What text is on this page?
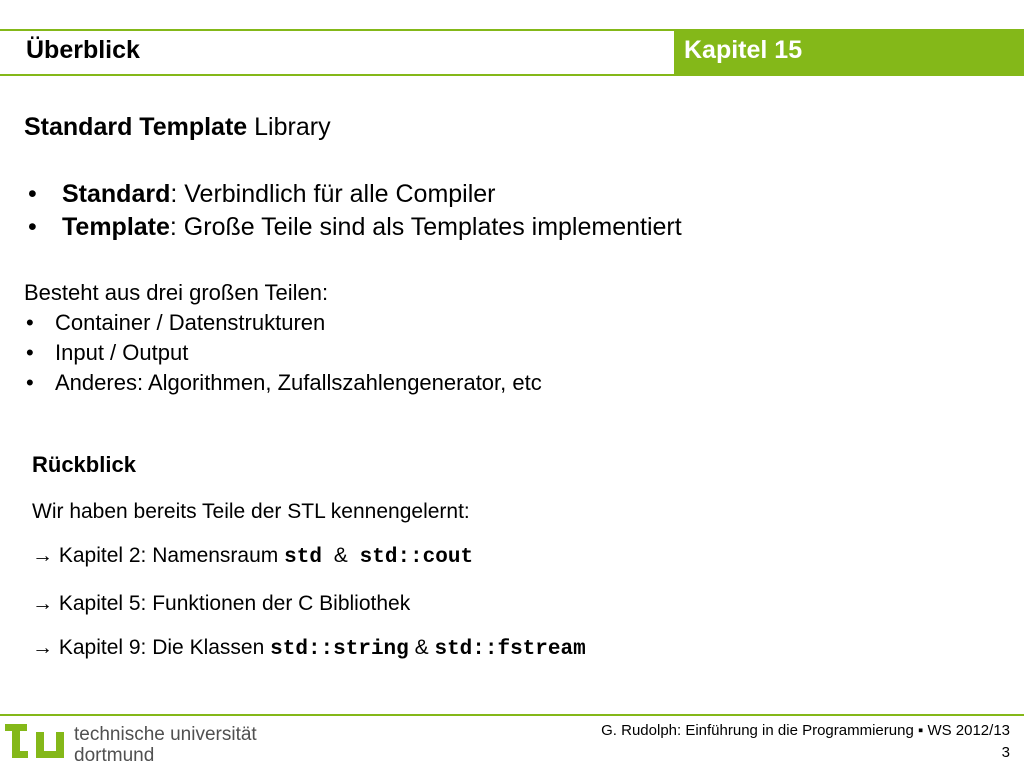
Überblick	Kapitel 15
Standard Template Library
• Standard: Verbindlich für alle Compiler
• Template: Große Teile sind als Templates implementiert
Besteht aus drei großen Teilen:
• Container / Datenstrukturen
• Input / Output
• Anderes: Algorithmen, Zufallszahlengenerator, etc
Rückblick
Wir haben bereits Teile der STL kennengelernt:
→ Kapitel 2: Namensraum std & std::cout
→ Kapitel 5: Funktionen der C Bibliothek
→ Kapitel 9: Die Klassen std::string & std::fstream
technische universität
dortmund
G. Rudolph: Einführung in die Programmierung ▪ WS 2012/13
3
